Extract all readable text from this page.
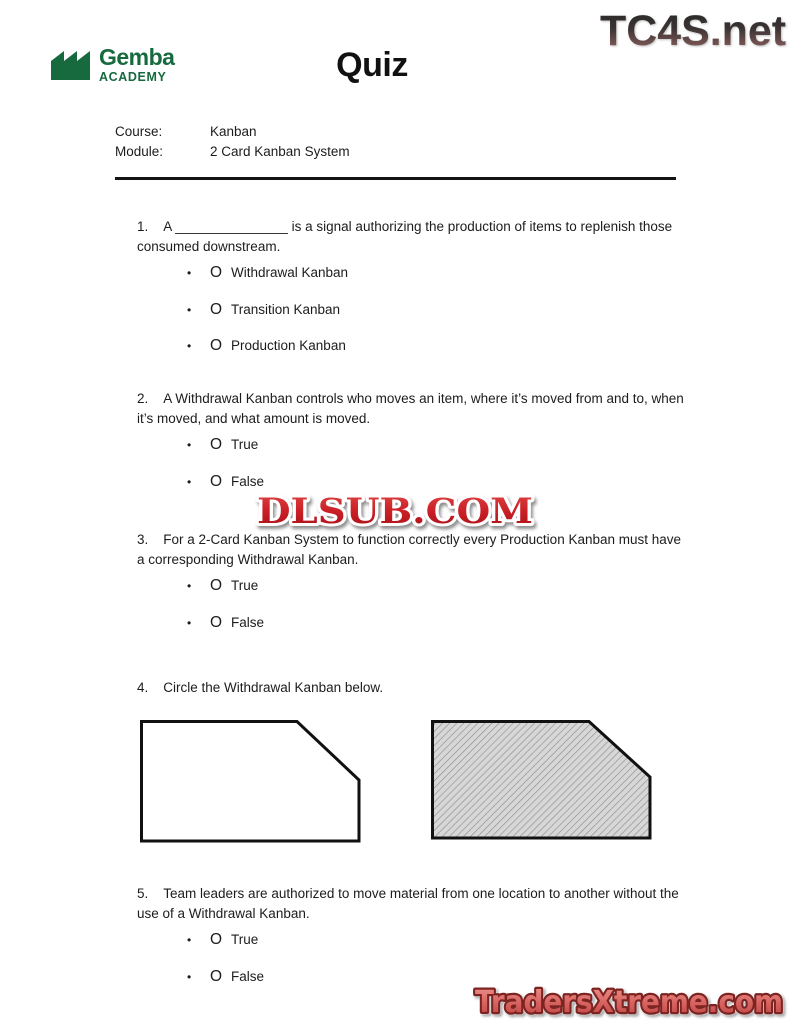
Gemba
ACADEMY	Quiz
TC4S.net
Course:	Kanban
Module:	2 Card Kanban System

1. A _______________ is a signal authorizing the production of items to replenish those consumed downstream.

•	O Withdrawal Kanban
•	O Transition Kanban
•	O Production Kanban

2. A Withdrawal Kanban controls who moves an item, where it’s moved from and to, when it’s moved, and what amount is moved.

•	O True
•	O False
DLSUB.COM

3. For a 2-Card Kanban System to function correctly every Production Kanban must have a corresponding Withdrawal Kanban.

•	O True
•	O False

4. Circle the Withdrawal Kanban below.

5. Team leaders are authorized to move material from one location to another without the use of a Withdrawal Kanban.

•	O True
•	O False
TradersXtreme.com
